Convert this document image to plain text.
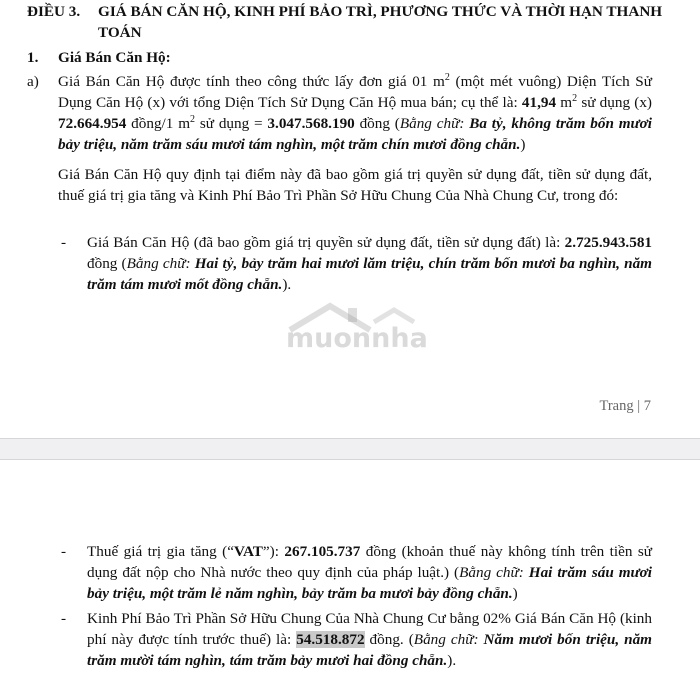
ĐIỀU 3. GIÁ BÁN CĂN HỘ, KINH PHÍ BẢO TRÌ, PHƯƠNG THỨC VÀ THỜI HẠN THANH TOÁN
1. Giá Bán Căn Hộ:
a) Giá Bán Căn Hộ được tính theo công thức lấy đơn giá 01 $m^2$ (một mét vuông) Diện Tích Sử Dụng Căn Hộ (x) với tổng Diện Tích Sử Dụng Căn Hộ mua bán; cụ thể là: 41,94 $m^2$ sử dụng (x) 72.664.954 đồng/1 $m^2$ sử dụng = 3.047.568.190 đồng (Bằng chữ: Ba tỷ, không trăm bốn mươi bảy triệu, năm trăm sáu mươi tám nghìn, một trăm chín mươi đồng chẵn.)
Giá Bán Căn Hộ quy định tại điểm này đã bao gồm giá trị quyền sử dụng đất, tiền sử dụng đất, thuế giá trị gia tăng và Kinh Phí Bảo Trì Phần Sở Hữu Chung Của Nhà Chung Cư, trong đó:
- Giá Bán Căn Hộ (đã bao gồm giá trị quyền sử dụng đất, tiền sử dụng đất) là: 2.725.943.581 đồng (Bằng chữ: Hai tỷ, bảy trăm hai mươi lăm triệu, chín trăm bốn mươi ba nghìn, năm trăm tám mươi mốt đồng chẵn.).
muonnha
Trang | 7
- Thuế giá trị gia tăng (“VAT”): 267.105.737 đồng (khoản thuế này không tính trên tiền sử dụng đất nộp cho Nhà nước theo quy định của pháp luật.) (Bằng chữ: Hai trăm sáu mươi bảy triệu, một trăm lẻ năm nghìn, bảy trăm ba mươi bảy đồng chẵn.)
- Kinh Phí Bảo Trì Phần Sở Hữu Chung Của Nhà Chung Cư bằng 02% Giá Bán Căn Hộ (kinh phí này được tính trước thuế) là: 54.518.872 đồng. (Bằng chữ: Năm mươi bốn triệu, năm trăm mười tám nghìn, tám trăm bảy mươi hai đồng chẵn.).
